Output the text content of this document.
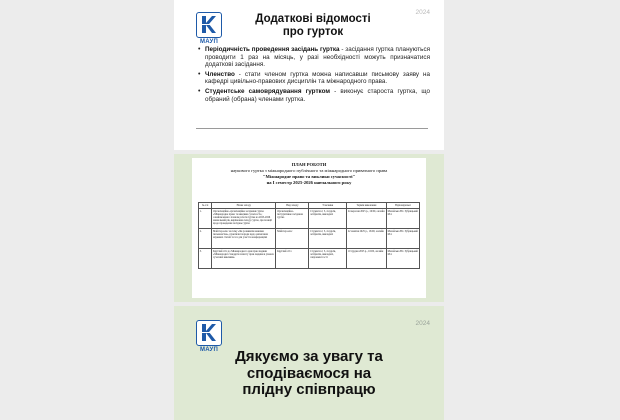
МАУП
2024
Додаткові відомості
про гурток
• Періодичність проведення засідань гуртка - засідання гуртка плануються проводити 1 раз на місяць, у разі необхідності можуть призначатися додаткові засідання.
• Членство - стати членом гуртка можна написавши письмову заяву на кафедрі цивільно-правових дисциплін та міжнародного права.
• Студентське самоврядування гуртком - виконує староста гуртка, що обраний (обрана) членами гуртка.
ПЛАН РОБОТИ
наукового гуртка з міжнародного публічного та міжнародного приватного права
"Міжнародне право та виклики сучасності"
на I семестр 2025-2026 навчального року
№ з/п	Назва заходу	Вид заходу	Учасники	Термін виконання	Відповідальні
1.	Організаційно-організаційне засідання гуртка «Міжнародне право та виклики сучасності»; ознайомлення з планом роботи гуртка на 2025-2026 навчальний рік, вирішення складу гуртка, пропозиції щодо проведення засідань гуртка	Організаційно-інструктивне засідання гуртка	Студенти 2, 3, 4 курсів, аспіранти, викладачі	24 вересня 2025 р., 16:00, онлайн	Мозайська В.І. Зубрицький М.І.
2.	Майстер-клас на тему «Як розвивати навички письменства», практичні поради щодо написання наукових статей та тез для участі в конференціях	Майстер-клас	Студенти 2, 3, 4 курсів, аспіранти, викладачі	22 жовтня 2025 р., 16:00, онлайн	Мозайська В.І. Зубрицький М.І.
3.	Круглий стіл до Міжнародного дня прав людини «Міжнародні стандарти захисту прав людини в умовах сучасних викликів»	Круглий стіл	Студенти 2, 3, 4 курсів, аспіранти, викладачі, запрошені гості	10 грудня 2025 р., 16:00, онлайн	Мозайська В.І. Зубрицький М.І.
МАУП
2024
Дякуємо за увагу та
сподіваємося на
плідну співпрацю
